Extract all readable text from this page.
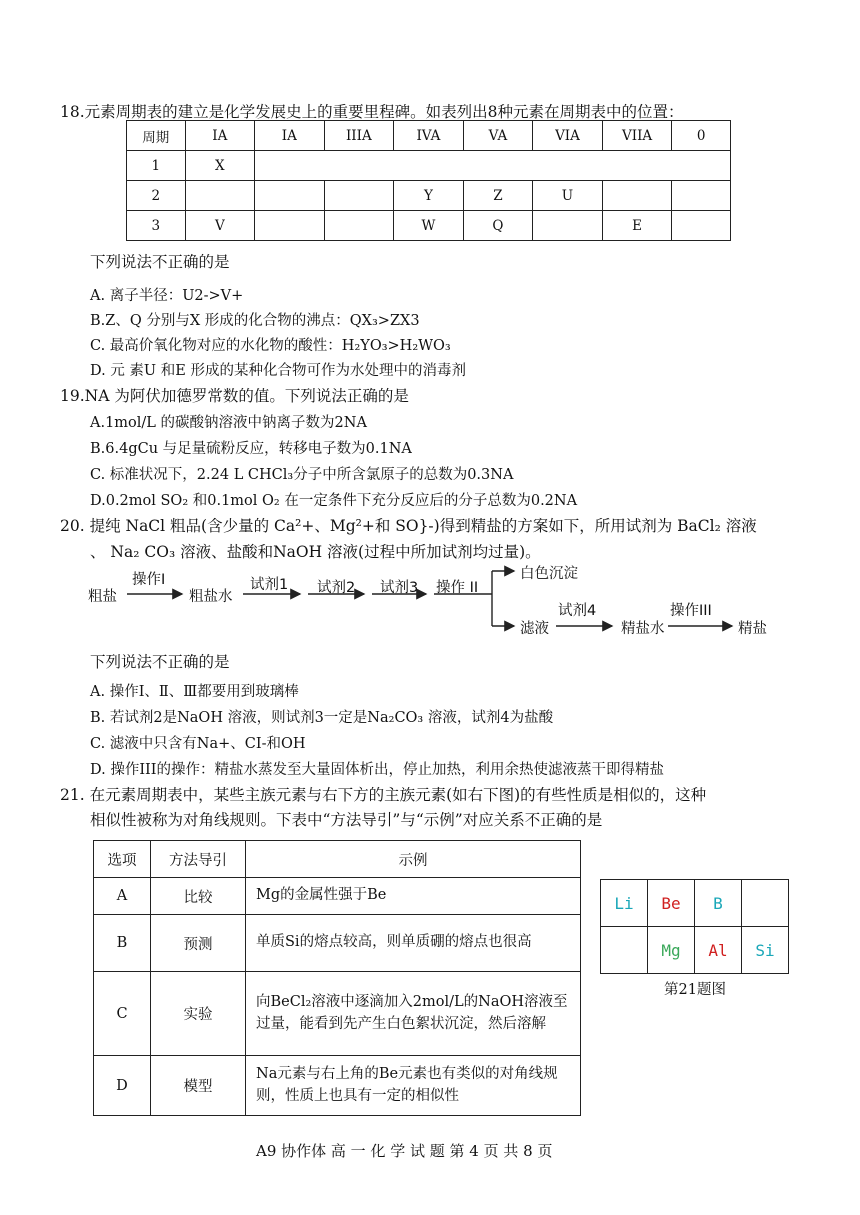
18.元素周期表的建立是化学发展史上的重要里程碑。如表列出8种元素在周期表中的位置：
周期	IA	IA	IIIA	IVA	VA	VIA	VIIA	0
1	X							
2				Y	Z	U		
3	V			W	Q		E	
下列说法不正确的是
A. 离子半径：U2->V+
B.Z、Q 分别与X 形成的化合物的沸点：QX₃>ZX3
C. 最高价氧化物对应的水化物的酸性：H₂YO₃>H₂WO₃
D. 元 素U 和E 形成的某种化合物可作为水处理中的消毒剂
19.NA 为阿伏加德罗常数的值。下列说法正确的是
A.1mol/L 的碳酸钠溶液中钠离子数为2NA
B.6.4gCu 与足量硫粉反应，转移电子数为0.1NA
C. 标准状况下，2.24 L CHCl₃分子中所含氯原子的总数为0.3NA
D.0.2mol SO₂ 和0.1mol O₂ 在一定条件下充分反应后的分子总数为0.2NA
20. 提纯 NaCl 粗品(含少量的 Ca²+、Mg²+和 SO}-)得到精盐的方案如下，所用试剂为 BaCl₂ 溶液
、 Na₂ CO₃ 溶液、盐酸和NaOH 溶液(过程中所加试剂均过量)。
粗盐
操作I
粗盐水
试剂1 试剂2 试剂3 操作 II
白色沉淀
滤液
试剂4
精盐水
操作III
精盐
下列说法不正确的是
A. 操作I、Ⅱ、Ⅲ都要用到玻璃棒
B. 若试剂2是NaOH 溶液，则试剂3一定是Na₂CO₃ 溶液，试剂4为盐酸
C. 滤液中只含有Na+、CI-和OH
D. 操作III的操作：精盐水蒸发至大量固体析出，停止加热，利用余热使滤液蒸干即得精盐
21. 在元素周期表中，某些主族元素与右下方的主族元素(如右下图)的有些性质是相似的，这种
相似性被称为对角线规则。下表中“方法导引”与“示例”对应关系不正确的是
选项	方法导引	示例
A	比较	Mg的金属性强于Be
B	预测	单质Si的熔点较高，则单质硼的熔点也很高
C	实验	向BeCl₂溶液中逐滴加入2mol/L的NaOH溶液至过量，能看到先产生白色絮状沉淀，然后溶解
D	模型	Na元素与右上角的Be元素也有类似的对角线规则，性质上也具有一定的相似性
Li	Be	B	
	Mg	Al	Si
第21题图
A9 协作体 高 一 化 学 试 题 第 4 页 共 8 页
